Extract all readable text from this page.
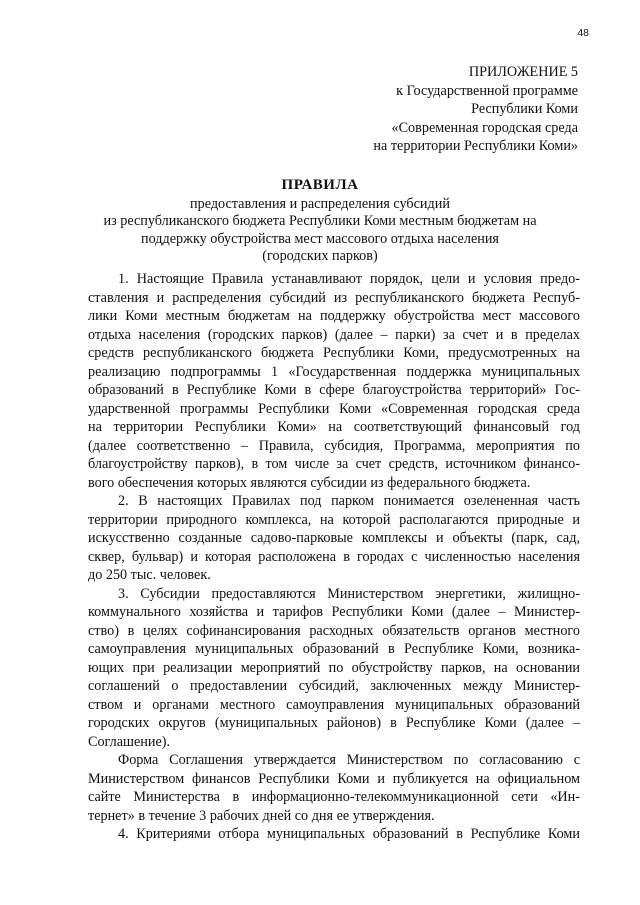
48
ПРИЛОЖЕНИЕ 5
к Государственной программе
Республики Коми
«Современная городская среда
на территории Республики Коми»
ПРАВИЛА
предоставления и распределения субсидий
из республиканского бюджета Республики Коми местным бюджетам на
поддержку обустройства мест массового отдыха населения
(городских парков)
1. Настоящие Правила устанавливают порядок, цели и условия предо-
ставления и распределения субсидий из республиканского бюджета Респуб-
лики Коми местным бюджетам на поддержку обустройства мест массового
отдыха населения (городских парков) (далее – парки) за счет и в пределах
средств республиканского бюджета Республики Коми, предусмотренных на
реализацию подпрограммы 1 «Государственная поддержка муниципальных
образований в Республике Коми в сфере благоустройства территорий» Гос-
ударственной программы Республики Коми «Современная городская среда
на территории Республики Коми» на соответствующий финансовый год
(далее соответственно – Правила, субсидия, Программа, мероприятия по
благоустройству парков), в том числе за счет средств, источником финансо-
вого обеспечения которых являются субсидии из федерального бюджета.
2. В настоящих Правилах под парком понимается озелененная часть
территории природного комплекса, на которой располагаются природные и
искусственно созданные садово-парковые комплексы и объекты (парк, сад,
сквер, бульвар) и которая расположена в городах с численностью населения
до 250 тыс. человек.
3. Субсидии предоставляются Министерством энергетики, жилищно-
коммунального хозяйства и тарифов Республики Коми (далее – Министер-
ство) в целях софинансирования расходных обязательств органов местного
самоуправления муниципальных образований в Республике Коми, возника-
ющих при реализации мероприятий по обустройству парков, на основании
соглашений о предоставлении субсидий, заключенных между Министер-
ством и органами местного самоуправления муниципальных образований
городских округов (муниципальных районов) в Республике Коми (далее –
Соглашение).
Форма Соглашения утверждается Министерством по согласованию с
Министерством финансов Республики Коми и публикуется на официальном
сайте Министерства в информационно-телекоммуникационной сети «Ин-
тернет» в течение 3 рабочих дней со дня ее утверждения.
4. Критериями отбора муниципальных образований в Республике Коми
